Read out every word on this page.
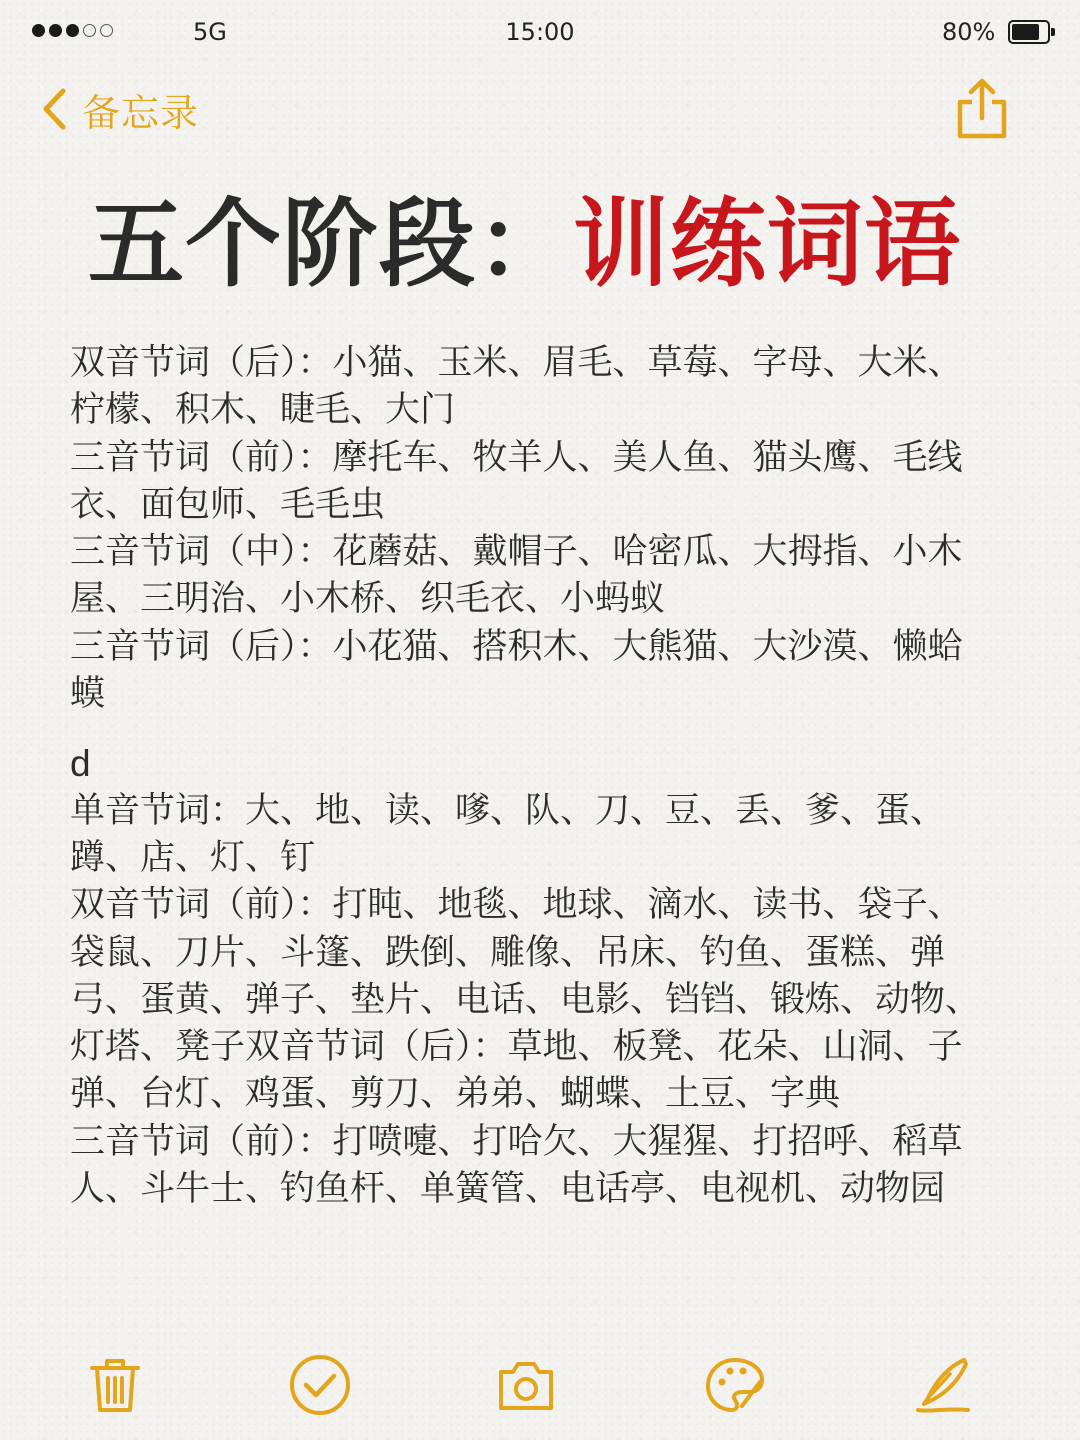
5G	15:00	80%
备忘录
五个阶段：训练词语

双音节词（后）：小猫、玉米、眉毛、草莓、字母、大米、柠檬、积木、睫毛、大门

三音节词（前）：摩托车、牧羊人、美人鱼、猫头鹰、毛线衣、面包师、毛毛虫

三音节词（中）：花蘑菇、戴帽子、哈密瓜、大拇指、小木屋、三明治、小木桥、织毛衣、小蚂蚁

三音节词（后）：小花猫、搭积木、大熊猫、大沙漠、懒蛤蟆

d

单音节词：大、地、读、嗲、队、刀、豆、丢、爹、蛋、蹲、店、灯、钉

双音节词（前）：打盹、地毯、地球、滴水、读书、袋子、袋鼠、刀片、斗篷、跌倒、雕像、吊床、钓鱼、蛋糕、弹弓、蛋黄、弹子、垫片、电话、电影、铛铛、锻炼、动物、灯塔、凳子双音节词（后）：草地、板凳、花朵、山洞、子弹、台灯、鸡蛋、剪刀、弟弟、蝴蝶、土豆、字典

三音节词（前）：打喷嚏、打哈欠、大猩猩、打招呼、稻草人、斗牛士、钓鱼杆、单簧管、电话亭、电视机、动物园
